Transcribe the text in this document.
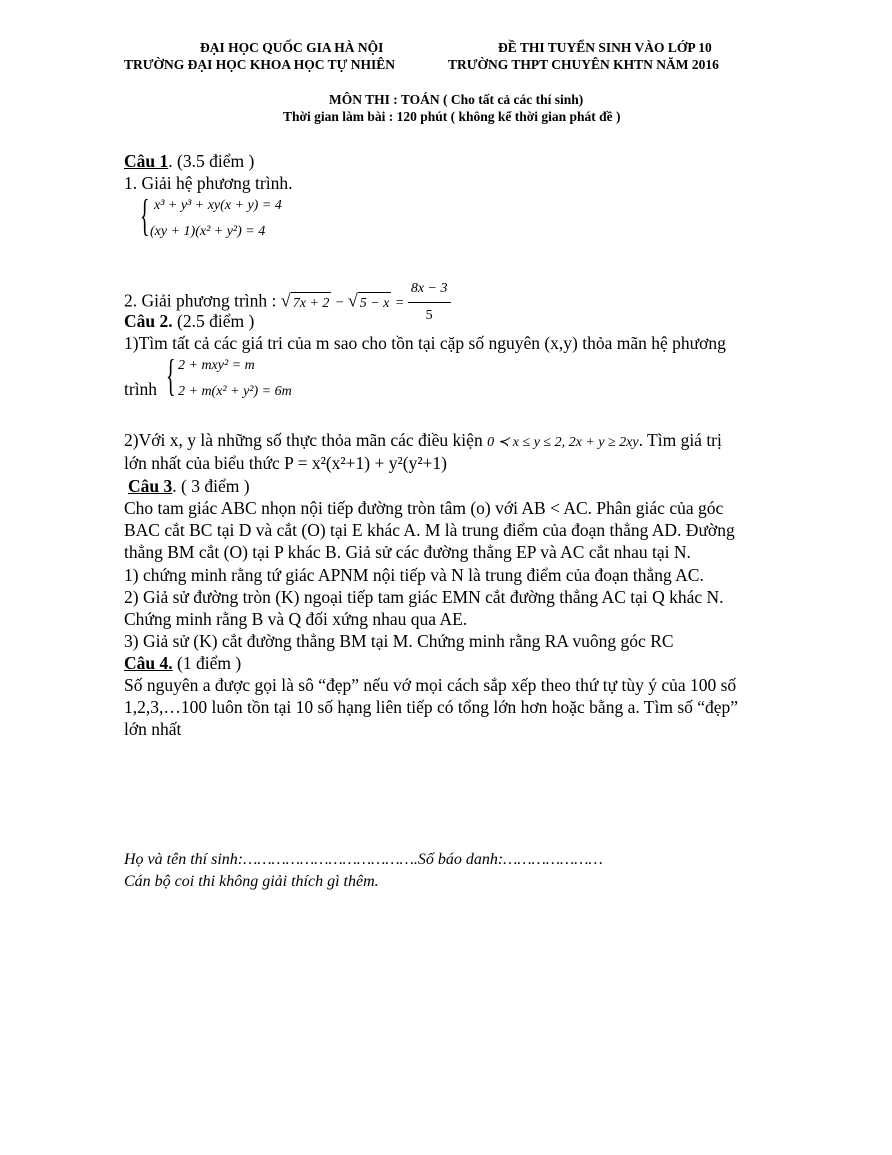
ĐẠI HỌC QUỐC GIA HÀ NỘI
TRƯỜNG ĐẠI HỌC KHOA HỌC TỰ NHIÊN
ĐỀ THI TUYỂN SINH VÀO LỚP 10
TRƯỜNG THPT CHUYÊN KHTN NĂM 2016
MÔN THI : TOÁN ( Cho tất cả các thí sinh)
Thời gian làm bài : 120 phút ( không kể thời gian phát đề )
Câu 1. (3.5 điểm )
1. Giải hệ phương trình.
{ x³ + y³ + xy(x + y) = 4
(xy + 1)(x² + y²) = 4
2. Giải phương trình : √ 7x + 2 − √ $5 - x = \frac{8x - 3}{5}$
Câu 2. (2.5 điểm )
1)Tìm tất cả các giá tri của m sao cho tồn tại cặp số nguyên (x,y) thỏa mãn hệ phương
trình { 2 + mxy² = m
2 + m(x² + y²) = 6m
2)Với x, y là những số thực thỏa mãn các điều kiện 0 ≺ x ≤ y ≤ 2, 2x + y ≥ 2xy. Tìm giá trị
lớn nhất của biểu thức P = x²(x²+1) + y²(y²+1)
Câu 3. ( 3 điểm )
Cho tam giác ABC nhọn nội tiếp đường tròn tâm (o) với AB < AC. Phân giác của góc
BAC cắt BC tại D và cắt (O) tại E khác A. M là trung điểm của đoạn thẳng AD. Đường
thẳng BM cắt (O) tại P khác B. Giả sử các đường thẳng EP và AC cắt nhau tại N.
1) chứng minh rằng tứ giác APNM nội tiếp và N là trung điểm của đoạn thẳng AC.
2) Giả sử đường tròn (K) ngoại tiếp tam giác EMN cắt đường thẳng AC tại Q khác N.
Chứng minh rằng B và Q đối xứng nhau qua AE.
3) Giả sử (K) cắt đường thẳng BM tại M. Chứng minh rằng RA vuông góc RC
Câu 4. (1 điểm )
Số nguyên a được gọi là sô “đẹp” nếu vớ mọi cách sắp xếp theo thứ tự tùy ý của 100 số
1,2,3,…100 luôn tồn tại 10 số hạng liên tiếp có tổng lớn hơn hoặc bằng a. Tìm số “đẹp”
lớn nhất
Họ và tên thí sinh:……………………………….Số báo danh:…………………
Cán bộ coi thi không giải thích gì thêm.
